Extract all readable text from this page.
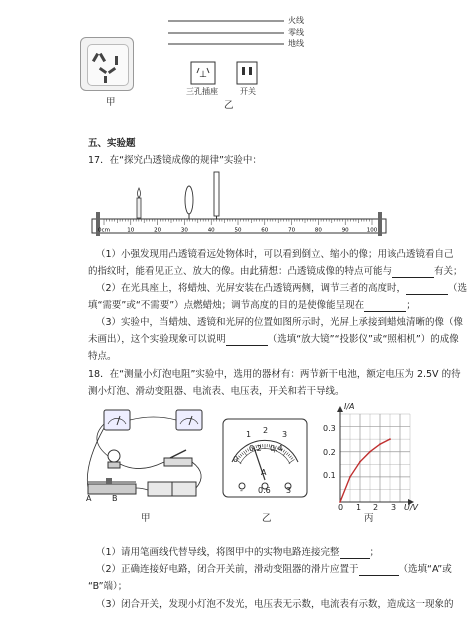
甲
⊥
火线
零线
地线
三孔插座	开关
乙
五、实验题
17．在“探究凸透镜成像的规律”实验中：
0cm	10	20	30	40	50	60	70	80	90	100
（1）小强发现用凸透镜看远处物体时，可以看到倒立、缩小的像；用该凸透镜看自己
的指纹时，能看见正立、放大的像。由此猜想：凸透镜成像的特点可能与	有关；
（2）在光具座上，将蜡烛、光屏安装在凸透镜两侧，调节三者的高度时，	（选
填“需要”或“不需要”）点燃蜡烛；调节高度的目的是使像能呈现在	；
（3）实验中，当蜡烛、透镜和光屏的位置如图所示时，光屏上承接到蜡烛清晰的像（像
未画出），这个实验现象可以说明	（选填“放大镜”“投影仪”或“照相机”）的成像
特点。
18．在“测量小灯泡电阻”实验中，选用的器材有：两节新干电池，额定电压为 2.5V 的待
测小灯泡、滑动变阻器、电流表、电压表，开关和若干导线。
A	B
甲
0
1 2 3
0.2 0.4
A
- 0.6 3
乙
I/A
0.3
0.2
0.1
0 1 2 3 U/V
丙
（1）请用笔画线代替导线，将图甲中的实物电路连接完整	；
（2）正确连接好电路，闭合开关前，滑动变阻器的滑片应置于	（选填“A”或
“B”端）；
（3）闭合开关，发现小灯泡不发光，电压表无示数，电流表有示数，造成这一现象的
